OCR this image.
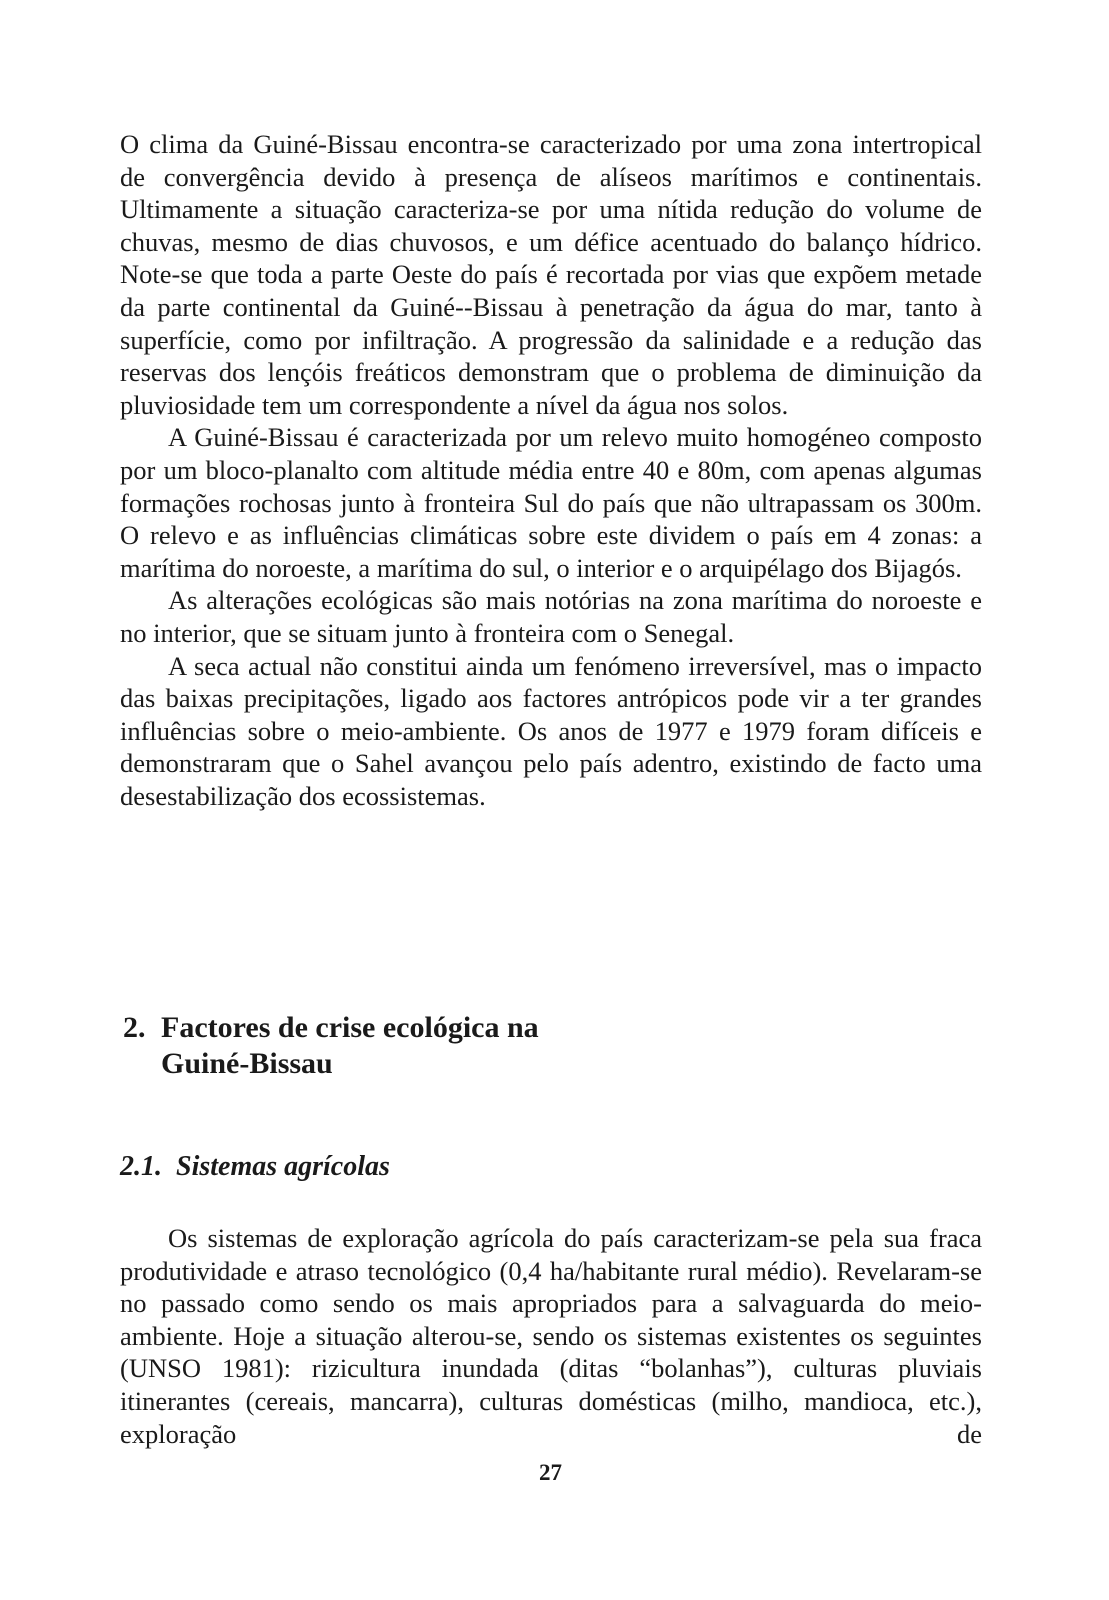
O clima da Guiné-Bissau encontra-se caracterizado por uma zona intertropical de convergência devido à presença de alíseos marítimos e continentais. Ultimamente a situação caracteriza-se por uma nítida redução do volume de chuvas, mesmo de dias chuvosos, e um défice acentuado do balanço hídrico. Note-se que toda a parte Oeste do país é recortada por vias que expõem metade da parte continental da Guiné--Bissau à penetração da água do mar, tanto à superfície, como por infiltração. A progressão da salinidade e a redução das reservas dos lençóis freáticos demonstram que o problema de diminuição da pluviosidade tem um correspondente a nível da água nos solos.

A Guiné-Bissau é caracterizada por um relevo muito homogéneo composto por um bloco-planalto com altitude média entre 40 e 80m, com apenas algumas formações rochosas junto à fronteira Sul do país que não ultrapassam os 300m. O relevo e as influências climáticas sobre este dividem o país em 4 zonas: a marítima do noroeste, a marítima do sul, o interior e o arquipélago dos Bijagós.

As alterações ecológicas são mais notórias na zona marítima do noroeste e no interior, que se situam junto à fronteira com o Senegal.

A seca actual não constitui ainda um fenómeno irreversível, mas o impacto das baixas precipitações, ligado aos factores antrópicos pode vir a ter grandes influências sobre o meio-ambiente. Os anos de 1977 e 1979 foram difíceis e demonstraram que o Sahel avançou pelo país adentro, existindo de facto uma desestabilização dos ecossistemas.

2. Factores de crise ecológica na
Guiné-Bissau
2.1. Sistemas agrícolas

Os sistemas de exploração agrícola do país caracterizam-se pela sua fraca produtividade e atraso tecnológico (0,4 ha/habitante rural médio). Revelaram-se no passado como sendo os mais apropriados para a salvaguarda do meio-ambiente. Hoje a situação alterou-se, sendo os sistemas existentes os seguintes (UNSO 1981): rizicultura inundada (ditas “bolanhas”), culturas pluviais itinerantes (cereais, mancarra), culturas domésticas (milho, mandioca, etc.), exploração de

27
